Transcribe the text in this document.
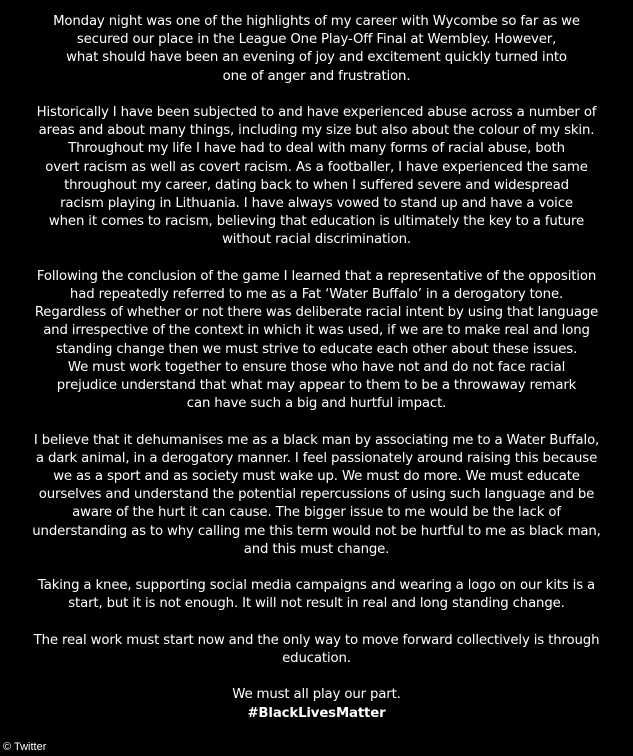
Monday night was one of the highlights of my career with Wycombe so far as we
secured our place in the League One Play-Off Final at Wembley. However,
what should have been an evening of joy and excitement quickly turned into
one of anger and frustration.

Historically I have been subjected to and have experienced abuse across a number of
areas and about many things, including my size but also about the colour of my skin.
Throughout my life I have had to deal with many forms of racial abuse, both
overt racism as well as covert racism. As a footballer, I have experienced the same
throughout my career, dating back to when I suffered severe and widespread
racism playing in Lithuania. I have always vowed to stand up and have a voice
when it comes to racism, believing that education is ultimately the key to a future
without racial discrimination.

Following the conclusion of the game I learned that a representative of the opposition
had repeatedly referred to me as a Fat ‘Water Buffalo’ in a derogatory tone.
Regardless of whether or not there was deliberate racial intent by using that language
and irrespective of the context in which it was used, if we are to make real and long
standing change then we must strive to educate each other about these issues.
We must work together to ensure those who have not and do not face racial
prejudice understand that what may appear to them to be a throwaway remark
can have such a big and hurtful impact.

I believe that it dehumanises me as a black man by associating me to a Water Buffalo,
a dark animal, in a derogatory manner. I feel passionately around raising this because
we as a sport and as society must wake up. We must do more. We must educate
ourselves and understand the potential repercussions of using such language and be
aware of the hurt it can cause. The bigger issue to me would be the lack of
understanding as to why calling me this term would not be hurtful to me as black man,
and this must change.

Taking a knee, supporting social media campaigns and wearing a logo on our kits is a
start, but it is not enough. It will not result in real and long standing change.

The real work must start now and the only way to move forward collectively is through
education.

We must all play our part.
#BlackLivesMatter

© Twitter
